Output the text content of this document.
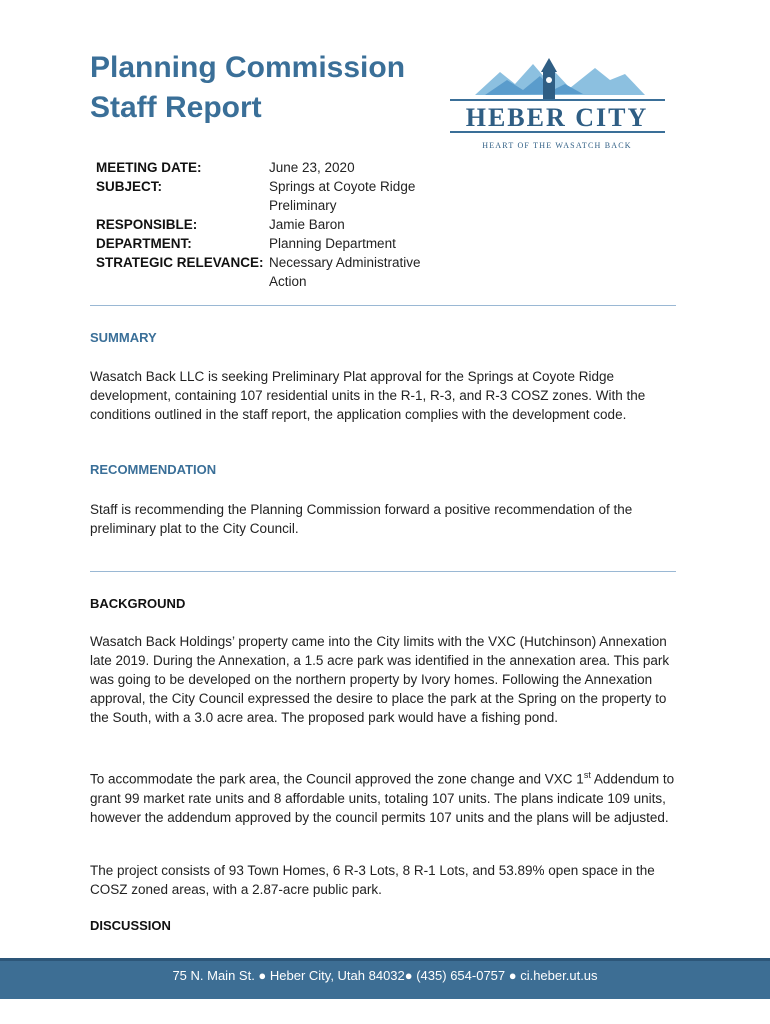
Planning Commission
Staff Report	HEBER CITY
HEART OF THE WASATCH BACK
MEETING DATE:	June 23, 2020
SUBJECT:	Springs at Coyote Ridge Preliminary
RESPONSIBLE:	Jamie Baron
DEPARTMENT:	Planning Department
STRATEGIC RELEVANCE: Necessary Administrative Action
SUMMARY

Wasatch Back LLC is seeking Preliminary Plat approval for the Springs at Coyote Ridge development, containing 107 residential units in the R-1, R-3, and R-3 COSZ zones. With the conditions outlined in the staff report, the application complies with the development code.

RECOMMENDATION

Staff is recommending the Planning Commission forward a positive recommendation of the preliminary plat to the City Council.

BACKGROUND

Wasatch Back Holdings’ property came into the City limits with the VXC (Hutchinson) Annexation late 2019. During the Annexation, a 1.5 acre park was identified in the annexation area. This park was going to be developed on the northern property by Ivory homes. Following the Annexation approval, the City Council expressed the desire to place the park at the Spring on the property to the South, with a 3.0 acre area. The proposed park would have a fishing pond.

To accommodate the park area, the Council approved the zone change and VXC 1st Addendum to grant 99 market rate units and 8 affordable units, totaling 107 units. The plans indicate 109 units, however the addendum approved by the council permits 107 units and the plans will be adjusted.

The project consists of 93 Town Homes, 6 R-3 Lots, 8 R-1 Lots, and 53.89% open space in the COSZ zoned areas, with a 2.87-acre public park.

DISCUSSION
75 N. Main St. ● Heber City, Utah 84032● (435) 654-0757 ● ci.heber.ut.us
